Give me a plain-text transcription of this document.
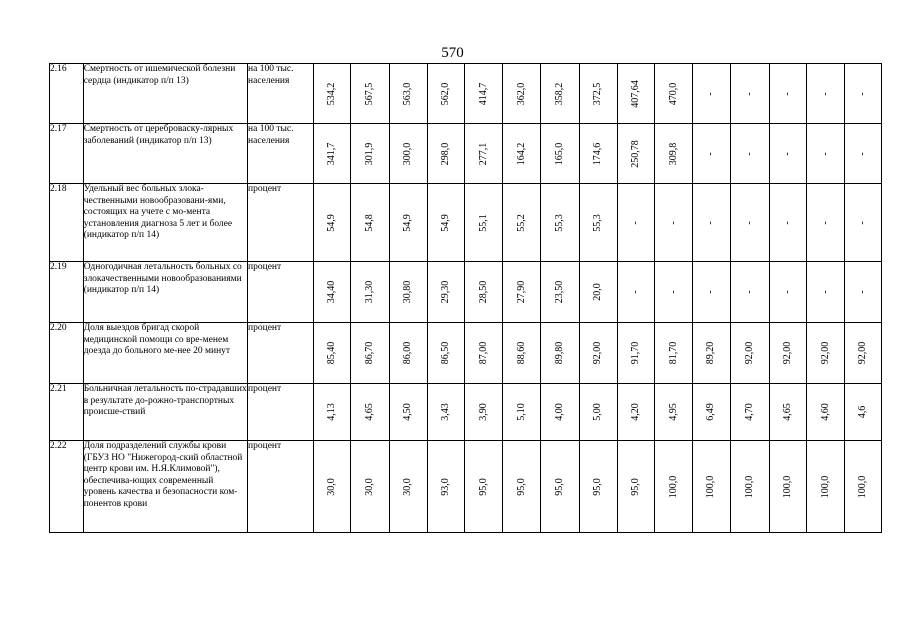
570
2.16	Смертность от ишемической болезни сердца (индикатор п/п 13)	на 100 тыс. населения	534,2	567,5	563,0	562,0	414,7	362,0	358,2	372,5	407,64	470,0	-	-	-	-	-

2.17	Смертность от цереброваску-лярных заболеваний (индикатор п/п 13)	на 100 тыс. населения	341,7	301,9	300,0	298,0	277,1	164,2	165,0	174,6	250,78	309,8	-	-	-	-	-

2.18	Удельный вес больных злока-чественными новообразовани-ями, состоящих на учете с мо-мента установления диагноза 5 лет и более (индикатор п/п 14)	процент	54,9	54,8	54,9	54,9	55,1	55,2	55,3	55,3	-	-	-	-	-	-	-

2.19	Одногодичная летальность больных со злокачественными новообразованиями (индикатор п/п 14)	процент	34,40	31,30	30,80	29,30	28,50	27,90	23,50	20,0	-	-	-	-	-	-	-

2.20	Доля выездов бригад скорой медицинской помощи со вре-менем доезда до больного ме-нее 20 минут	процент	85,40	86,70	86,00	86,50	87,00	88,60	89,80	92,00	91,70	81,70	89,20	92,00	92,00	92,00	92,00

2.21	Больничная летальность по-страдавших в результате до-рожно-транспортных происше-ствий	процент	4,13	4,65	4,50	3,43	3,90	5,10	4,00	5,00	4,20	4,95	6,49	4,70	4,65	4,60	4,6

2.22	Доля подразделений службы крови (ГБУЗ НО "Нижегород-ский областной центр крови им. Н.Я.Климовой"), обеспечива-ющих современный уровень качества и безопасности ком-понентов крови	процент	30,0	30,0	30,0	93,0	95,0	95,0	95,0	95,0	95,0	100,0	100,0	100,0	100,0	100,0	100,0
